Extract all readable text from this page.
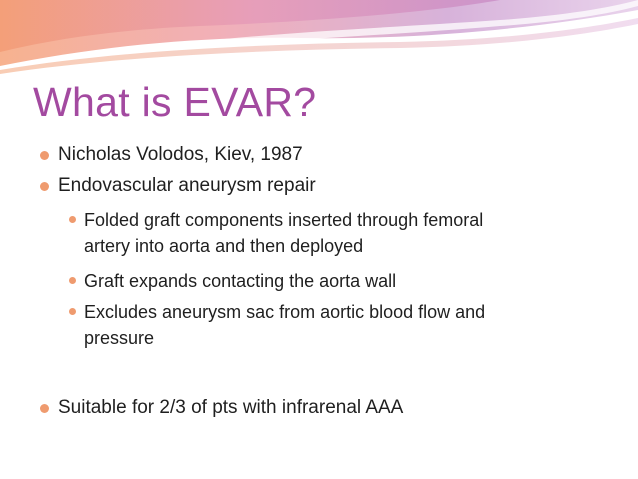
What is EVAR?
Nicholas Volodos, Kiev, 1987
Endovascular aneurysm repair
Folded graft components inserted through femoral
artery into aorta and then deployed
Graft expands contacting the aorta wall
Excludes aneurysm sac from aortic blood flow and
pressure
Suitable for 2/3 of pts with infrarenal AAA
